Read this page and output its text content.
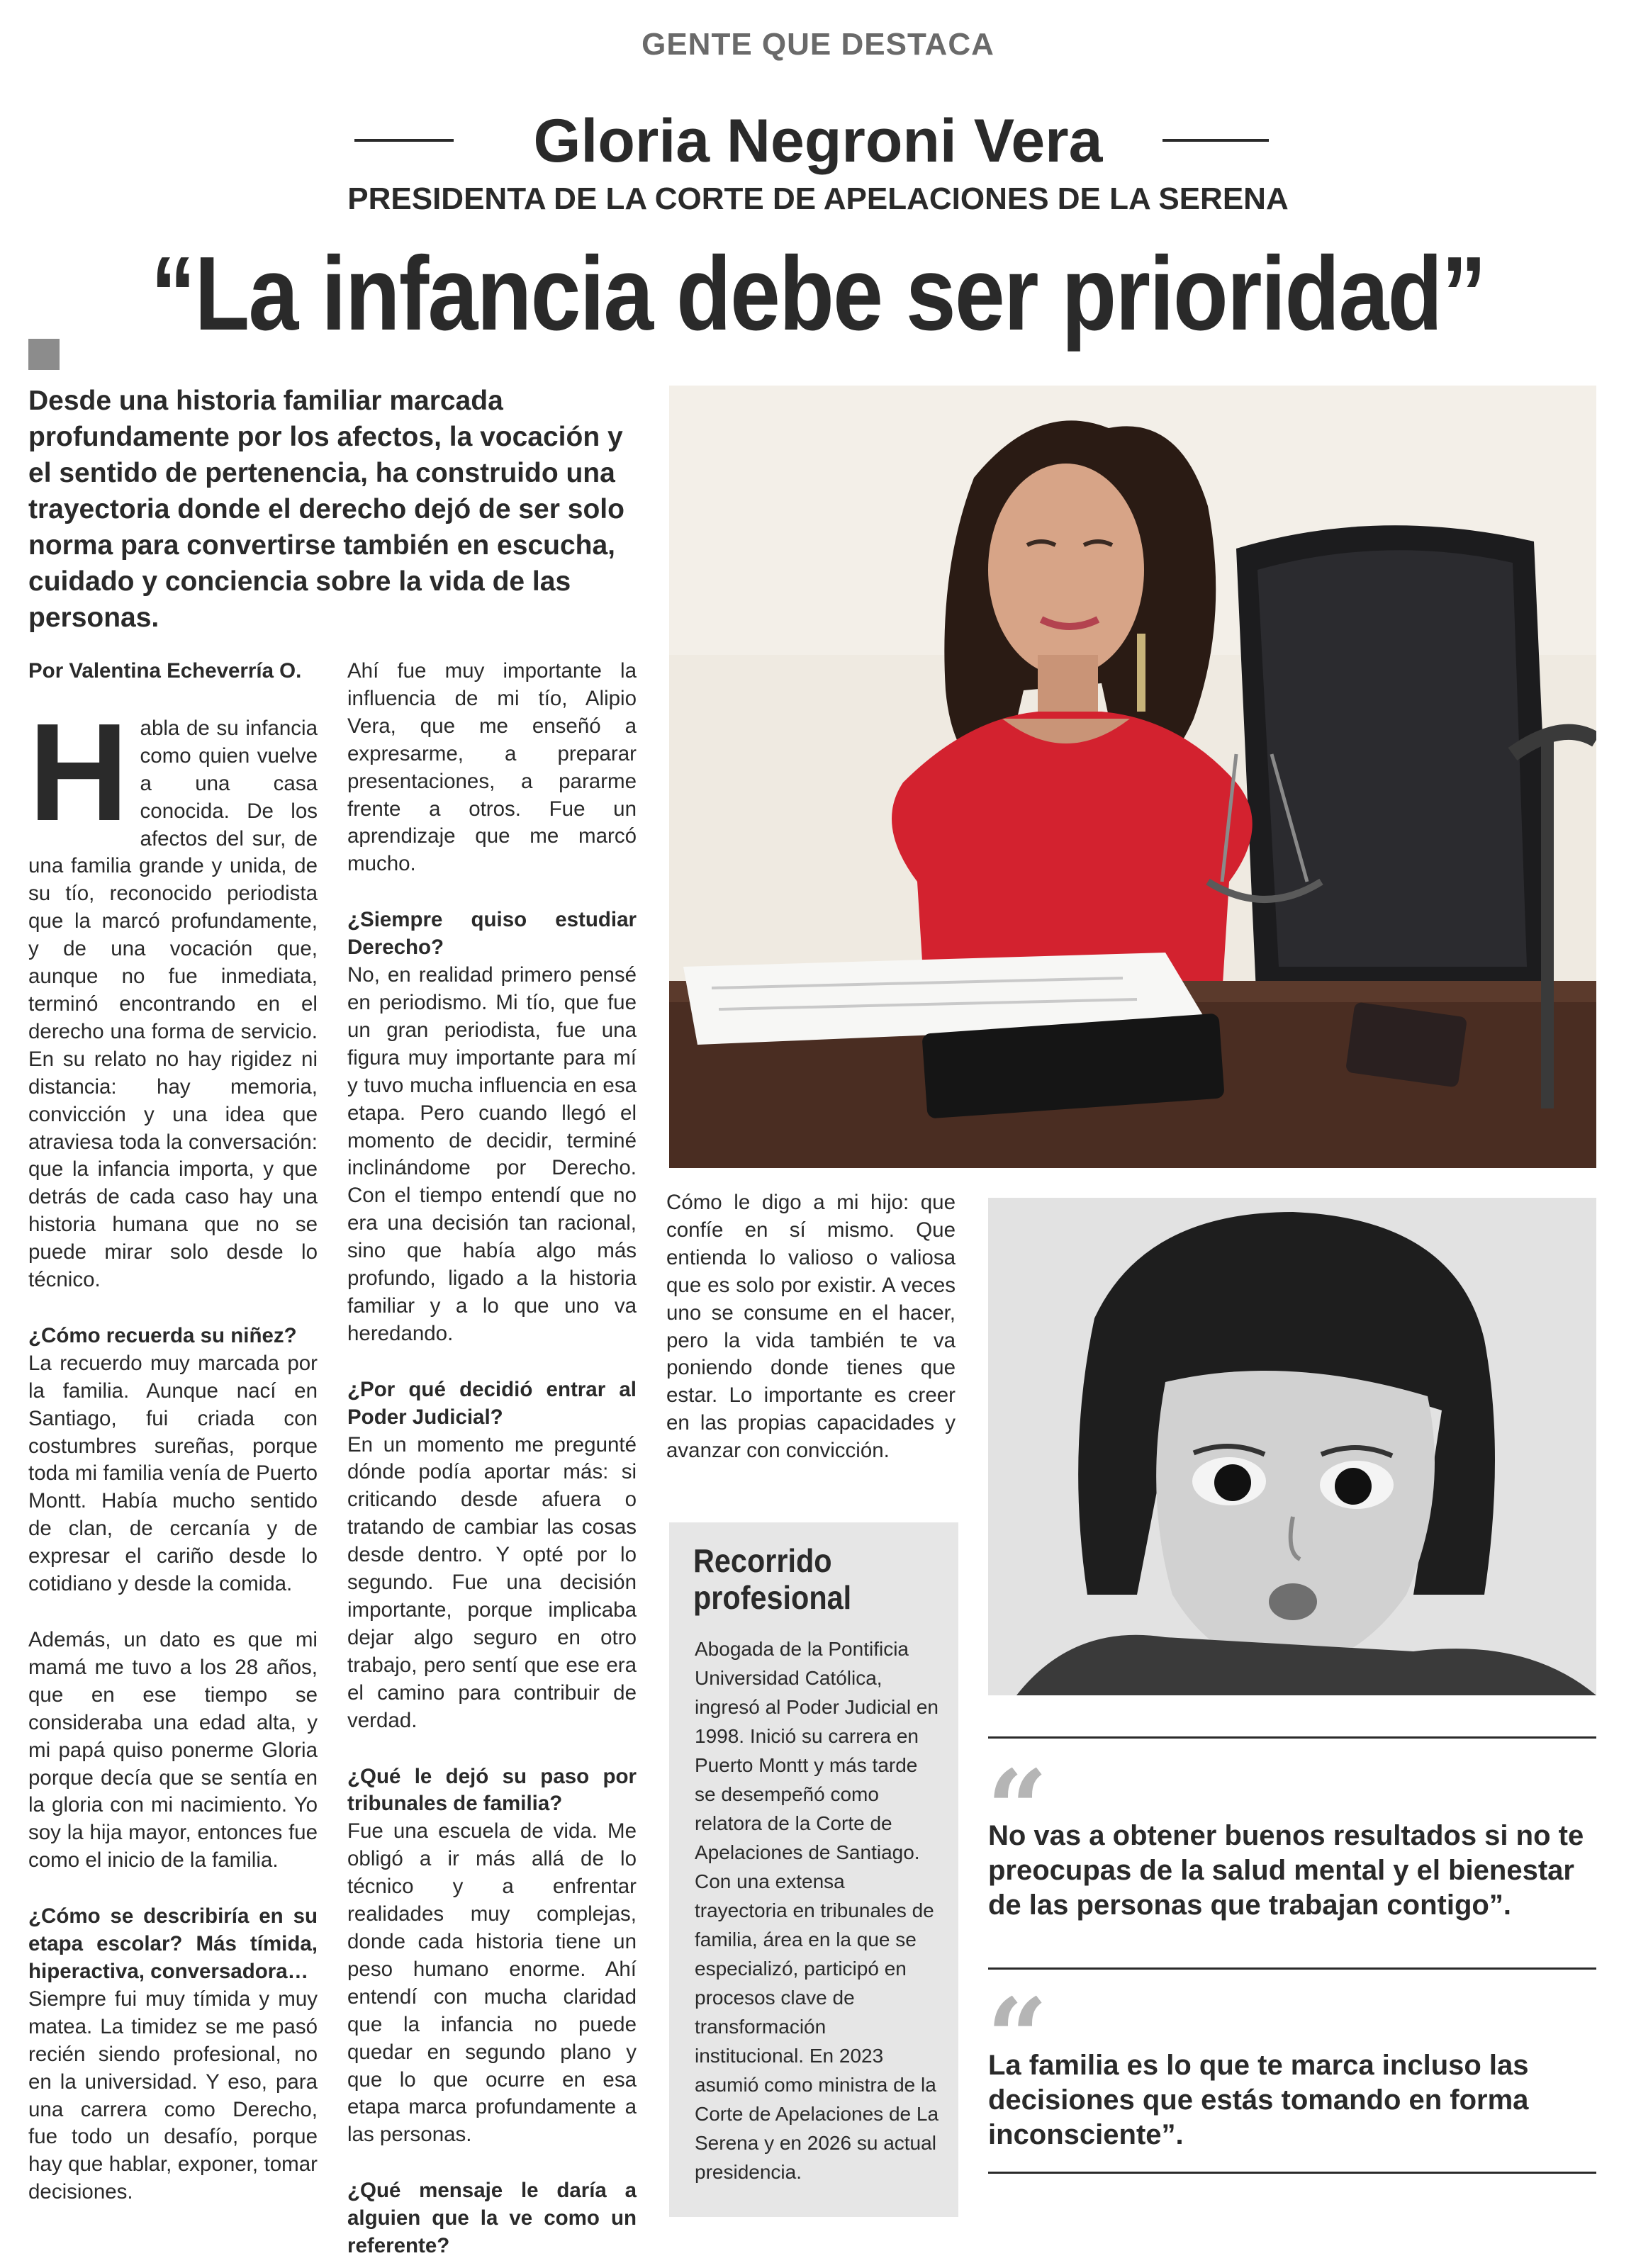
GENTE QUE DESTACA
Gloria Negroni Vera
PRESIDENTA DE LA CORTE DE APELACIONES DE LA SERENA
“La infancia debe ser prioridad”
Desde una historia familiar marcada profundamente por los afectos, la vocación y el sentido de pertenencia, ha construido una trayectoria donde el derecho dejó de ser solo norma para convertirse también en escucha, cuidado y conciencia sobre la vida de las personas.

Por Valentina Echeverría O.

Habla de su infancia como quien vuelve a una casa conocida. De los afectos del sur, de una familia grande y unida, de su tío, reconocido periodista que la marcó profundamente, y de una vocación que, aunque no fue inmediata, terminó encontrando en el derecho una forma de servicio. En su relato no hay rigidez ni distancia: hay memoria, convicción y una idea que atraviesa toda la conversación: que la infancia importa, y que detrás de cada caso hay una historia humana que no se puede mirar solo desde lo técnico.

¿Cómo recuerda su niñez?

La recuerdo muy marcada por la familia. Aunque nací en Santiago, fui criada con costumbres sureñas, porque toda mi familia venía de Puerto Montt. Había mucho sentido de clan, de cercanía y de expresar el cariño desde lo cotidiano y desde la comida.

Además, un dato es que mi mamá me tuvo a los 28 años, que en ese tiempo se consideraba una edad alta, y mi papá quiso ponerme Gloria porque decía que se sentía en la gloria con mi nacimiento. Yo soy la hija mayor, entonces fue como el inicio de la familia.

¿Cómo se describiría en su etapa escolar? Más tímida, hiperactiva, conversadora…

Siempre fui muy tímida y muy matea. La timidez se me pasó recién siendo profesional, no en la universidad. Y eso, para una carrera como Derecho, fue todo un desafío, porque hay que hablar, exponer, tomar decisiones.

Ahí fue muy importante la influencia de mi tío, Alipio Vera, que me enseñó a expresarme, a preparar presentaciones, a pararme frente a otros. Fue un aprendizaje que me marcó mucho.

¿Siempre quiso estudiar Derecho?

No, en realidad primero pensé en periodismo. Mi tío, que fue un gran periodista, fue una figura muy importante para mí y tuvo mucha influencia en esa etapa. Pero cuando llegó el momento de decidir, terminé inclinándome por Derecho. Con el tiempo entendí que no era una decisión tan racional, sino que había algo más profundo, ligado a la historia familiar y a lo que uno va heredando.

¿Por qué decidió entrar al Poder Judicial?

En un momento me pregunté dónde podía aportar más: si criticando desde afuera o tratando de cambiar las cosas desde dentro. Y opté por lo segundo. Fue una decisión importante, porque implicaba dejar algo seguro en otro trabajo, pero sentí que ese era el camino para contribuir de verdad.

¿Qué le dejó su paso por tribunales de familia?

Fue una escuela de vida. Me obligó a ir más allá de lo técnico y a enfrentar realidades muy complejas, donde cada historia tiene un peso humano enorme. Ahí entendí con mucha claridad que la infancia no puede quedar en segundo plano y que lo que ocurre en esa etapa marca profundamente a las personas.

¿Qué mensaje le daría a alguien que la ve como un referente?

Cómo le digo a mi hijo: que confíe en sí mismo. Que entienda lo valioso o valiosa que es solo por existir. A veces uno se consume en el hacer, pero la vida también te va poniendo donde tienes que estar. Lo importante es creer en las propias capacidades y avanzar con convicción.

Recorrido profesional
Abogada de la Pontificia Universidad Católica, ingresó al Poder Judicial en 1998. Inició su carrera en Puerto Montt y más tarde se desempeñó como relatora de la Corte de Apelaciones de Santiago. Con una extensa trayectoria en tribunales de familia, área en la que se especializó, participó en procesos clave de transformación institucional. En 2023 asumió como ministra de la Corte de Apelaciones de La Serena y en 2026 su actual presidencia.
“
No vas a obtener buenos resultados si no te preocupas de la salud mental y el bienestar de las personas que trabajan contigo”.
“
La familia es lo que te marca incluso las decisiones que estás tomando en forma inconsciente”.
